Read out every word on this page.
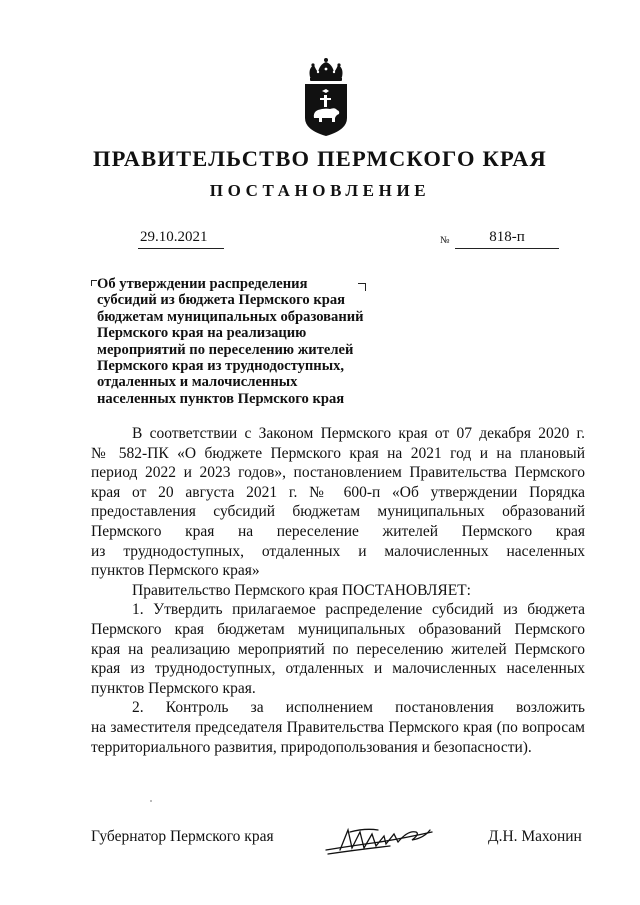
ПРАВИТЕЛЬСТВО ПЕРМСКОГО КРАЯ
ПОСТАНОВЛЕНИЕ
29.10.2021	№	818-п
Об утверждении распределения
субсидий из бюджета Пермского края
бюджетам муниципальных образований
Пермского края на реализацию
мероприятий по переселению жителей
Пермского края из труднодоступных,
отдаленных и малочисленных
населенных пунктов Пермского края
В соответствии с Законом Пермского края от 07 декабря 2020 г.
№ 582-ПК «О бюджете Пермского края на 2021 год и на плановый
период 2022 и 2023 годов», постановлением Правительства Пермского
края от 20 августа 2021 г. № 600-п «Об утверждении Порядка
предоставления субсидий бюджетам муниципальных образований
Пермского края на переселение жителей Пермского края
из труднодоступных, отдаленных и малочисленных населенных
пунктов Пермского края»
Правительство Пермского края ПОСТАНОВЛЯЕТ:
1. Утвердить прилагаемое распределение субсидий из бюджета
Пермского края бюджетам муниципальных образований Пермского
края на реализацию мероприятий по переселению жителей Пермского
края из труднодоступных, отдаленных и малочисленных населенных
пунктов Пермского края.
2. Контроль за исполнением постановления возложить
на заместителя председателя Правительства Пермского края (по вопросам
территориального развития, природопользования и безопасности).
Губернатор Пермского края	Д.Н. Махонин
